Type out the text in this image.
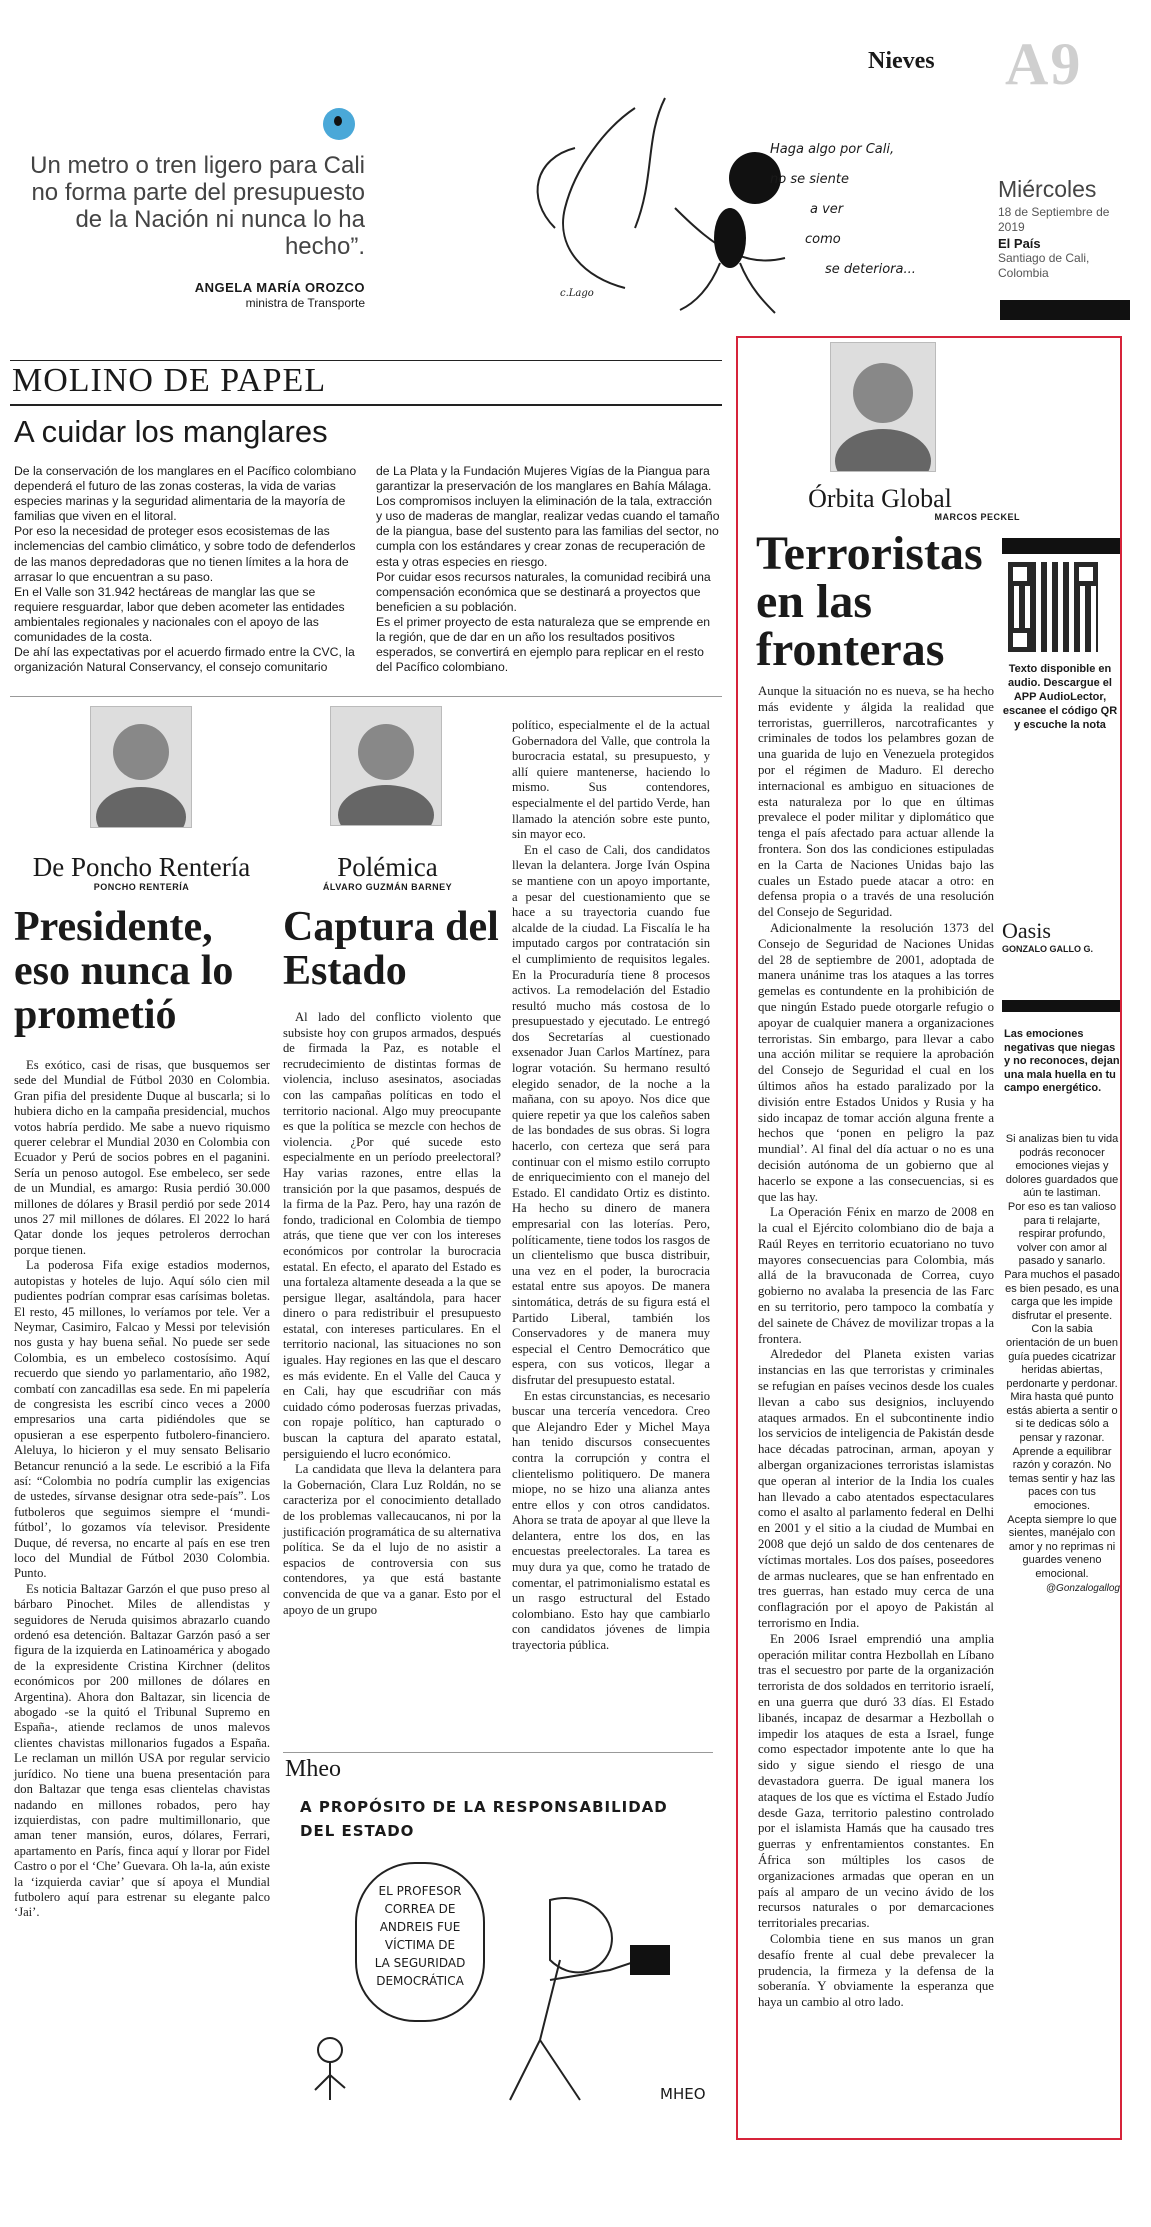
Nieves A9
Miércoles
18 de Septiembre de 2019
El País
Santiago de Cali, Colombia
Un metro o tren ligero para Cali no forma parte del presupuesto de la Nación ni nunca lo ha hecho”.
ANGELA MARÍA OROZCO
ministra de Transporte
c.Lago
Haga algo por Cali,
no se siente
a ver
como
se deteriora...
MOLINO DE PAPEL
A cuidar los manglares
De la conservación de los manglares en el Pacífico colombiano dependerá el futuro de las zonas costeras, la vida de varias especies marinas y la seguridad alimentaria de la mayoría de familias que viven en el litoral.
Por eso la necesidad de proteger esos ecosistemas de las inclemencias del cambio climático, y sobre todo de defenderlos de las manos depredadoras que no tienen límites a la hora de arrasar lo que encuentran a su paso.
En el Valle son 31.942 hectáreas de manglar las que se requiere resguardar, labor que deben acometer las entidades ambientales regionales y nacionales con el apoyo de las comunidades de la costa.
De ahí las expectativas por el acuerdo firmado entre la CVC, la organización Natural Conservancy, el consejo comunitario
de La Plata y la Fundación Mujeres Vigías de la Piangua para garantizar la preservación de los manglares en Bahía Málaga. Los compromisos incluyen la eliminación de la tala, extracción y uso de maderas de manglar, realizar vedas cuando el tamaño de la piangua, base del sustento para las familias del sector, no cumpla con los estándares y crear zonas de recuperación de esta y otras especies en riesgo.
Por cuidar esos recursos naturales, la comunidad recibirá una compensación económica que se destinará a proyectos que beneficien a su población.
Es el primer proyecto de esta naturaleza que se emprende en la región, que de dar en un año los resultados positivos esperados, se convertirá en ejemplo para replicar en el resto del Pacífico colombiano.
De Poncho Rentería
PONCHO RENTERÍA
Presidente, eso nunca lo prometió

Es exótico, casi de risas, que busquemos ser sede del Mundial de Fútbol 2030 en Colombia. Gran pifia del presidente Duque al buscarla; si lo hubiera dicho en la campaña presidencial, muchos votos habría perdido. Me sabe a nuevo riquismo querer celebrar el Mundial 2030 en Colombia con Ecuador y Perú de socios pobres en el paganini. Sería un penoso autogol. Ese embeleco, ser sede de un Mundial, es amargo: Rusia perdió 30.000 millones de dólares y Brasil perdió por sede 2014 unos 27 mil millones de dólares. El 2022 lo hará Qatar donde los jeques petroleros derrochan porque tienen.

La poderosa Fifa exige estadios modernos, autopistas y hoteles de lujo. Aquí sólo cien mil pudientes podrían comprar esas carísimas boletas. El resto, 45 millones, lo veríamos por tele. Ver a Neymar, Casimiro, Falcao y Messi por televisión nos gusta y hay buena señal. No puede ser sede Colombia, es un embeleco costosísimo. Aquí recuerdo que siendo yo parlamentario, año 1982, combatí con zancadillas esa sede. En mi papelería de congresista les escribí cinco veces a 2000 empresarios una carta pidiéndoles que se opusieran a ese esperpento futbolero-financiero. Aleluya, lo hicieron y el muy sensato Belisario Betancur renunció a la sede. Le escribió a la Fifa así: “Colombia no podría cumplir las exigencias de ustedes, sírvanse designar otra sede-país”. Los futboleros que seguimos siempre el ‘mundi-fútbol’, lo gozamos vía televisor. Presidente Duque, dé reversa, no encarte al país en ese tren loco del Mundial de Fútbol 2030 Colombia. Punto.

Es noticia Baltazar Garzón el que puso preso al bárbaro Pinochet. Miles de allendistas y seguidores de Neruda quisimos abrazarlo cuando ordenó esa detención. Baltazar Garzón pasó a ser figura de la izquierda en Latinoamérica y abogado de la expresidente Cristina Kirchner (delitos económicos por 200 millones de dólares en Argentina). Ahora don Baltazar, sin licencia de abogado -se la quitó el Tribunal Supremo en España-, atiende reclamos de unos malevos clientes chavistas millonarios fugados a España. Le reclaman un millón USA por regular servicio jurídico. No tiene una buena presentación para don Baltazar que tenga esas clientelas chavistas nadando en millones robados, pero hay izquierdistas, con padre multimillonario, que aman tener mansión, euros, dólares, Ferrari, apartamento en París, finca aquí y llorar por Fidel Castro o por el ‘Che’ Guevara. Oh la-la, aún existe la ‘izquierda caviar’ que sí apoya el Mundial futbolero aquí para estrenar su elegante palco ‘Jai’.

Polémica
ÁLVARO GUZMÁN BARNEY
Captura del Estado

Al lado del conflicto violento que subsiste hoy con grupos armados, después de firmada la Paz, es notable el recrudecimiento de distintas formas de violencia, incluso asesinatos, asociadas con las campañas políticas en todo el territorio nacional. Algo muy preocupante es que la política se mezcle con hechos de violencia. ¿Por qué sucede esto especialmente en un período preelectoral? Hay varias razones, entre ellas la transición por la que pasamos, después de la firma de la Paz. Pero, hay una razón de fondo, tradicional en Colombia de tiempo atrás, que tiene que ver con los intereses económicos por controlar la burocracia estatal. En efecto, el aparato del Estado es una fortaleza altamente deseada a la que se persigue llegar, asaltándola, para hacer dinero o para redistribuir el presupuesto estatal, con intereses particulares. En el territorio nacional, las situaciones no son iguales. Hay regiones en las que el descaro es más evidente. En el Valle del Cauca y en Cali, hay que escudriñar con más cuidado cómo poderosas fuerzas privadas, con ropaje político, han capturado o buscan la captura del aparato estatal, persiguiendo el lucro económico.

La candidata que lleva la delantera para la Gobernación, Clara Luz Roldán, no se caracteriza por el conocimiento detallado de los problemas vallecaucanos, ni por la justificación programática de su alternativa política. Se da el lujo de no asistir a espacios de controversia con sus contendores, ya que está bastante convencida de que va a ganar. Esto por el apoyo de un grupo

político, especialmente el de la actual Gobernadora del Valle, que controla la burocracia estatal, su presupuesto, y allí quiere mantenerse, haciendo lo mismo. Sus contendores, especialmente el del partido Verde, han llamado la atención sobre este punto, sin mayor eco.

En el caso de Cali, dos candidatos llevan la delantera. Jorge Iván Ospina se mantiene con un apoyo importante, a pesar del cuestionamiento que se hace a su trayectoria cuando fue alcalde de la ciudad. La Fiscalía le ha imputado cargos por contratación sin el cumplimiento de requisitos legales. En la Procuraduría tiene 8 procesos activos. La remodelación del Estadio resultó mucho más costosa de lo presupuestado y ejecutado. Le entregó dos Secretarías al cuestionado exsenador Juan Carlos Martínez, para lograr votación. Su hermano resultó elegido senador, de la noche a la mañana, con su apoyo. Nos dice que quiere repetir ya que los caleños saben de las bondades de sus obras. Si logra hacerlo, con certeza que será para continuar con el mismo estilo corrupto de enriquecimiento con el manejo del Estado. El candidato Ortiz es distinto. Ha hecho su dinero de manera empresarial con las loterías. Pero, políticamente, tiene todos los rasgos de un clientelismo que busca distribuir, una vez en el poder, la burocracia estatal entre sus apoyos. De manera sintomática, detrás de su figura está el Partido Liberal, también los Conservadores y de manera muy especial el Centro Democrático que espera, con sus voticos, llegar a disfrutar del presupuesto estatal.

En estas circunstancias, es necesario buscar una tercería vencedora. Creo que Alejandro Eder y Michel Maya han tenido discursos consecuentes contra la corrupción y contra el clientelismo politiquero. De manera miope, no se hizo una alianza antes entre ellos y con otros candidatos. Ahora se trata de apoyar al que lleve la delantera, entre los dos, en las encuestas preelectorales. La tarea es muy dura ya que, como he tratado de comentar, el patrimonialismo estatal es un rasgo estructural del Estado colombiano. Esto hay que cambiarlo con candidatos jóvenes de limpia trayectoria pública.

Mheo
A PROPÓSITO DE LA RESPONSABILIDAD
DEL ESTADO
EL PROFESOR
CORREA DE
ANDREIS FUE
VÍCTIMA DE
LA SEGURIDAD
DEMOCRÁTICA
MHEO
Órbita Global
MARCOS PECKEL
Terroristas en las fronteras

Aunque la situación no es nueva, se ha hecho más evidente y álgida la realidad que terroristas, guerrilleros, narcotraficantes y criminales de todos los pelambres gozan de una guarida de lujo en Venezuela protegidos por el régimen de Maduro. El derecho internacional es ambiguo en situaciones de esta naturaleza por lo que en últimas prevalece el poder militar y diplomático que tenga el país afectado para actuar allende la frontera. Son dos las condiciones estipuladas en la Carta de Naciones Unidas bajo las cuales un Estado puede atacar a otro: en defensa propia o a través de una resolución del Consejo de Seguridad.

Adicionalmente la resolución 1373 del Consejo de Seguridad de Naciones Unidas del 28 de septiembre de 2001, adoptada de manera unánime tras los ataques a las torres gemelas es contundente en la prohibición de que ningún Estado puede otorgarle refugio o apoyar de cualquier manera a organizaciones terroristas. Sin embargo, para llevar a cabo una acción militar se requiere la aprobación del Consejo de Seguridad el cual en los últimos años ha estado paralizado por la división entre Estados Unidos y Rusia y ha sido incapaz de tomar acción alguna frente a hechos que ‘ponen en peligro la paz mundial’. Al final del día actuar o no es una decisión autónoma de un gobierno que al hacerlo se expone a las consecuencias, si es que las hay.

La Operación Fénix en marzo de 2008 en la cual el Ejército colombiano dio de baja a Raúl Reyes en territorio ecuatoriano no tuvo mayores consecuencias para Colombia, más allá de la bravuconada de Correa, cuyo gobierno no avalaba la presencia de las Farc en su territorio, pero tampoco la combatía y del sainete de Chávez de movilizar tropas a la frontera.

Alrededor del Planeta existen varias instancias en las que terroristas y criminales se refugian en países vecinos desde los cuales llevan a cabo sus designios, incluyendo ataques armados. En el subcontinente indio los servicios de inteligencia de Pakistán desde hace décadas patrocinan, arman, apoyan y albergan organizaciones terroristas islamistas que operan al interior de la India los cuales han llevado a cabo atentados espectaculares como el asalto al parlamento federal en Delhi en 2001 y el sitio a la ciudad de Mumbai en 2008 que dejó un saldo de dos centenares de víctimas mortales. Los dos países, poseedores de armas nucleares, que se han enfrentado en tres guerras, han estado muy cerca de una conflagración por el apoyo de Pakistán al terrorismo en India.

En 2006 Israel emprendió una amplia operación militar contra Hezbollah en Líbano tras el secuestro por parte de la organización terrorista de dos soldados en territorio israelí, en una guerra que duró 33 días. El Estado libanés, incapaz de desarmar a Hezbollah o impedir los ataques de esta a Israel, funge como espectador impotente ante lo que ha sido y sigue siendo el riesgo de una devastadora guerra. De igual manera los ataques de los que es víctima el Estado Judío desde Gaza, territorio palestino controlado por el islamista Hamás que ha causado tres guerras y enfrentamientos constantes. En África son múltiples los casos de organizaciones armadas que operan en un país al amparo de un vecino ávido de los recursos naturales o por demarcaciones territoriales precarias.

Colombia tiene en sus manos un gran desafío frente al cual debe prevalecer la prudencia, la firmeza y la defensa de la soberanía. Y obviamente la esperanza que haya un cambio al otro lado.

Texto disponible en audio. Descargue el APP AudioLector, escanee el código QR y escuche la nota
Oasis
GONZALO GALLO G.
Las emociones negativas que niegas y no reconoces, dejan una mala huella en tu campo energético.
Si analizas bien tu vida podrás reconocer emociones viejas y dolores guardados que aún te lastiman.
Por eso es tan valioso para ti relajarte, respirar profundo, volver con amor al pasado y sanarlo.
Para muchos el pasado es bien pesado, es una carga que les impide disfrutar el presente.
Con la sabia orientación de un buen guía puedes cicatrizar heridas abiertas, perdonarte y perdonar.
Mira hasta qué punto estás abierta a sentir o si te dedicas sólo a pensar y razonar.
Aprende a equilibrar razón y corazón. No temas sentir y haz las paces con tus emociones.
Acepta siempre lo que sientes, manéjalo con amor y no reprimas ni guardes veneno emocional.
@Gonzalogallog
